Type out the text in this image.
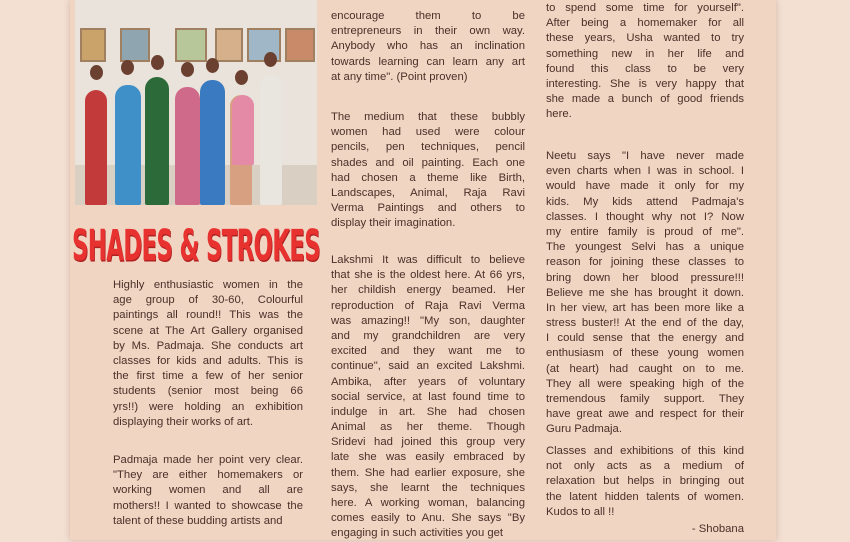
SHADES & STROKES
Highly enthusiastic women in the
age group of 30-60, Colourful
paintings all round!! This was the
scene at The Art Gallery organised
by Ms. Padmaja. She conducts art
classes for kids and adults. This is
the first time a few of her senior
students (senior most being 66
yrs!!) were holding an exhibition
displaying their works of art.
Padmaja made her point very clear.
"They are either homemakers or
working women and all are
mothers!! I wanted to showcase the
talent of these budding artists and
encourage them to be
entrepreneurs in their own way.
Anybody who has an inclination
towards learning can learn any art
at any time". (Point proven)
The medium that these bubbly
women had used were colour
pencils, pen techniques, pencil
shades and oil painting. Each one
had chosen a theme like Birth,
Landscapes, Animal, Raja Ravi
Verma Paintings and others to
display their imagination.
Lakshmi It was difficult to believe
that she is the oldest here. At 66 yrs,
her childish energy beamed. Her
reproduction of Raja Ravi Verma
was amazing!! "My son, daughter
and my grandchildren are very
excited and they want me to
continue", said an excited Lakshmi.
Ambika, after years of voluntary
social service, at last found time to
indulge in art. She had chosen
Animal as her theme. Though
Sridevi had joined this group very
late she was easily embraced by
them. She had earlier exposure, she
says, she learnt the techniques
here. A working woman, balancing
comes easily to Anu. She says "By
engaging in such activities you get	- Shobana
to spend some time for yourself".
After being a homemaker for all
these years, Usha wanted to try
something new in her life and
found this class to be very
interesting. She is very happy that
she made a bunch of good friends
here.
Neetu says "I have never made
even charts when I was in school. I
would have made it only for my
kids. My kids attend Padmaja's
classes. I thought why not I? Now
my entire family is proud of me".
The youngest Selvi has a unique
reason for joining these classes to
bring down her blood pressure!!!
Believe me she has brought it down.
In her view, art has been more like a
stress buster!! At the end of the day,
I could sense that the energy and
enthusiasm of these young women
(at heart) had caught on to me.
They all were speaking high of the
tremendous family support. They
have great awe and respect for their
Guru Padmaja.
Classes and exhibitions of this kind
not only acts as a medium of
relaxation but helps in bringing out
the latent hidden talents of women.
Kudos to all !!
